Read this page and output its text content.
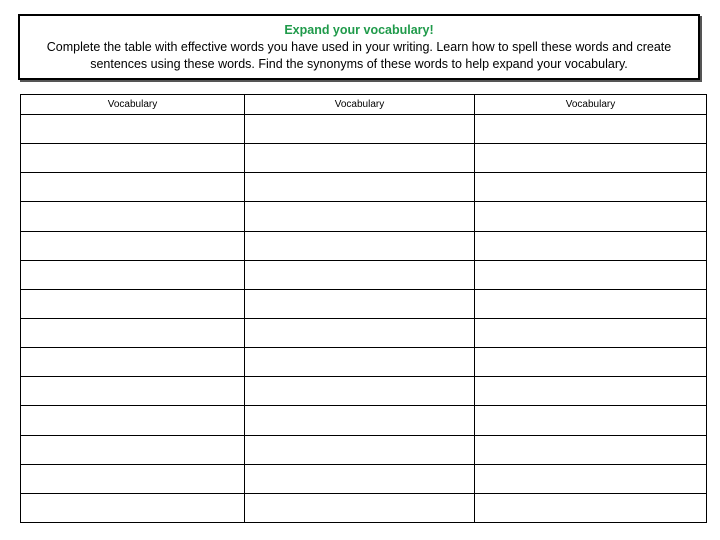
Expand your vocabulary!
Complete the table with effective words you have used in your writing. Learn how to spell these words and create sentences using these words. Find the synonyms of these words to help expand your vocabulary.
Vocabulary	Vocabulary	Vocabulary
